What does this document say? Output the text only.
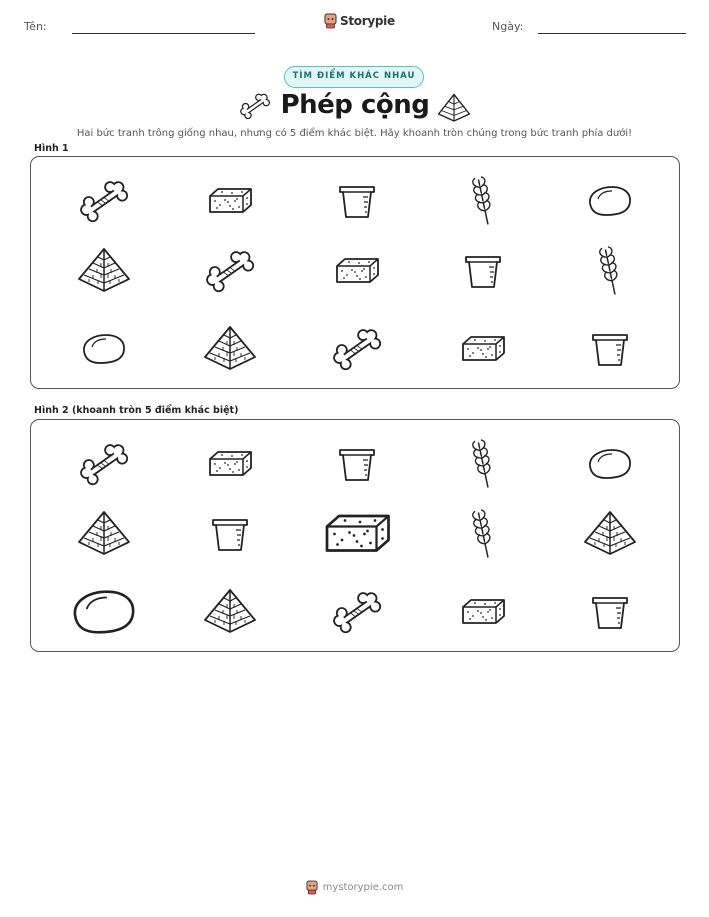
Tên:	Storypie	Ngày:
TÌM ĐIỂM KHÁC NHAU
Phép cộng
Hai bức tranh trông giống nhau, nhưng có 5 điểm khác biệt. Hãy khoanh tròn chúng trong bức tranh phía dưới!
Hình 1
Hình 2 (khoanh tròn 5 điểm khác biệt)
mystorypie.com
